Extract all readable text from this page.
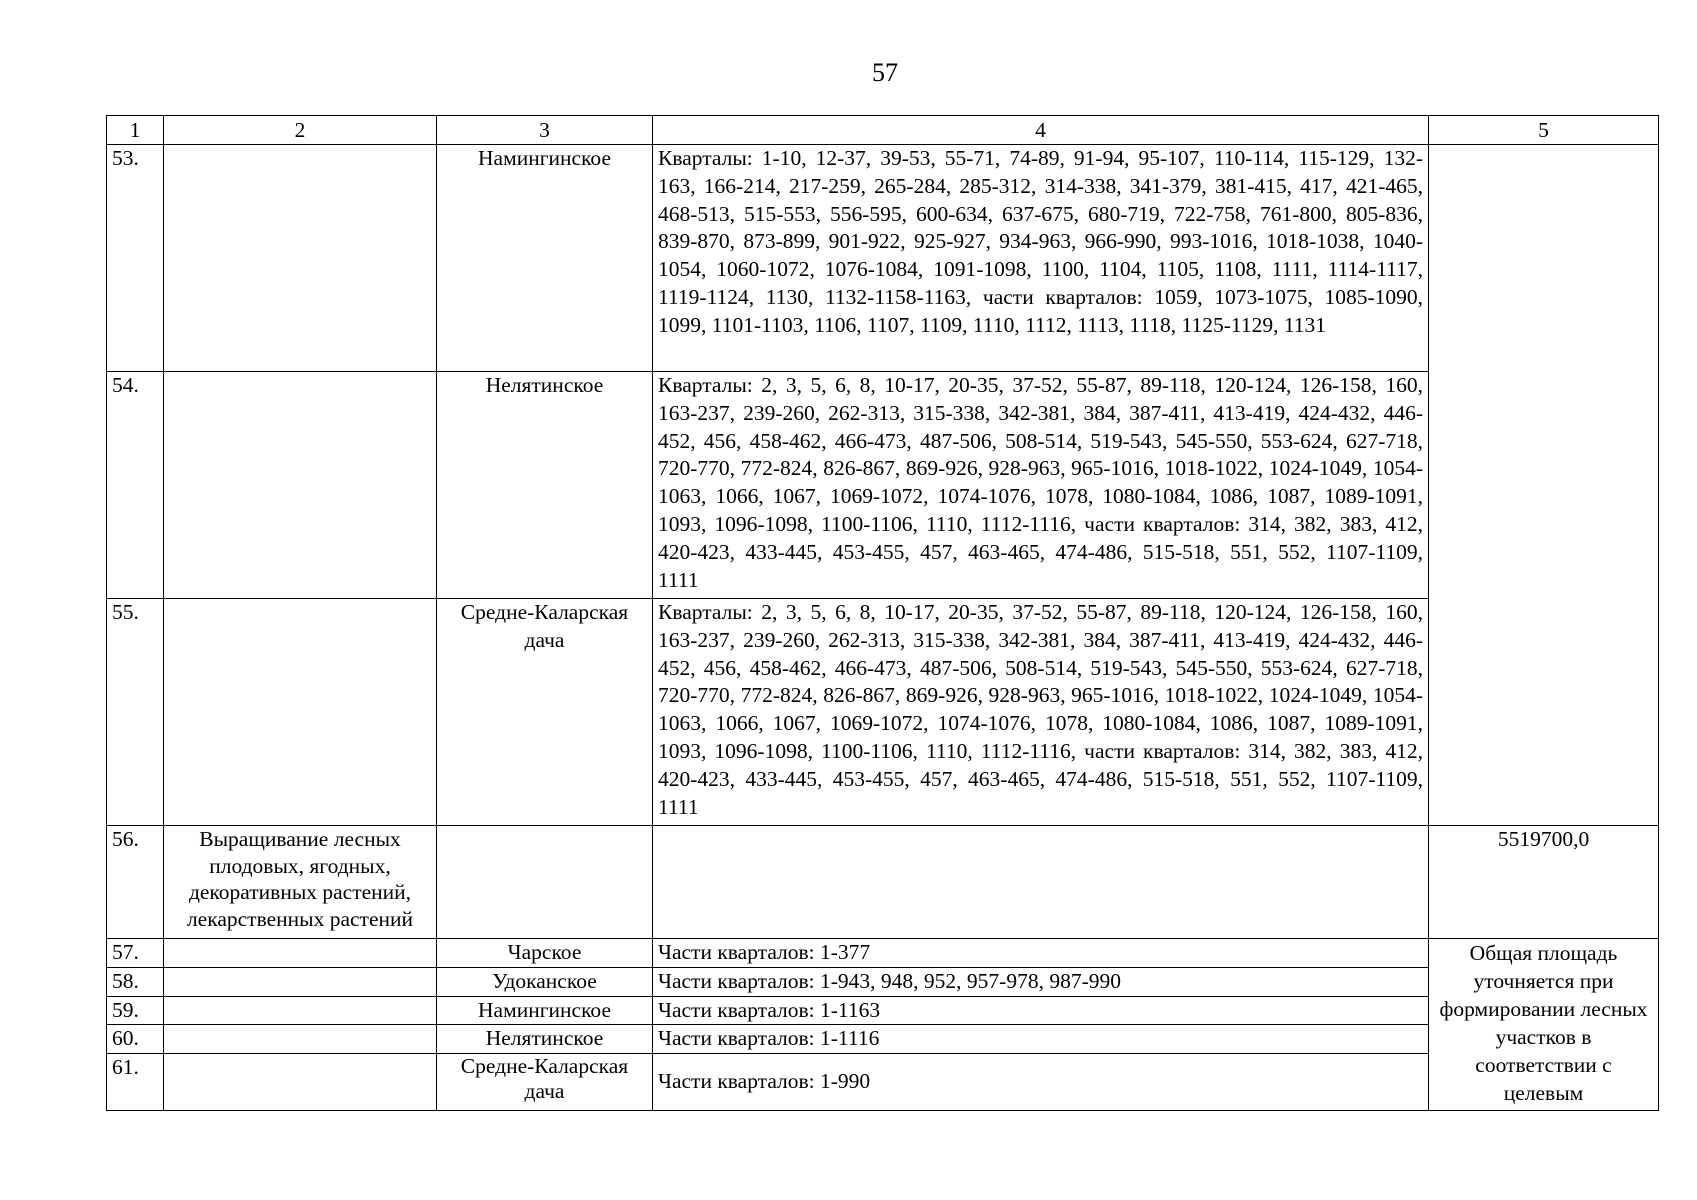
57
1	2	3	4	5
53.		Намингинское	Кварталы: 1-10, 12-37, 39-53, 55-71, 74-89, 91-94, 95-107, 110-114, 115-129, 132-163, 166-214, 217-259, 265-284, 285-312, 314-338, 341-379, 381-415, 417, 421-465, 468-513, 515-553, 556-595, 600-634, 637-675, 680-719, 722-758, 761-800, 805-836, 839-870, 873-899, 901-922, 925-927, 934-963, 966-990, 993-1016, 1018-1038, 1040-1054, 1060-1072, 1076-1084, 1091-1098, 1100, 1104, 1105, 1108, 1111, 1114-1117, 1119-1124, 1130, 1132-1158-1163, части кварталов: 1059, 1073-1075, 1085-1090, 1099, 1101-1103, 1106, 1107, 1109, 1110, 1112, 1113, 1118, 1125-1129, 1131	
54.		Нелятинское	Кварталы: 2, 3, 5, 6, 8, 10-17, 20-35, 37-52, 55-87, 89-118, 120-124, 126-158, 160, 163-237, 239-260, 262-313, 315-338, 342-381, 384, 387-411, 413-419, 424-432, 446-452, 456, 458-462, 466-473, 487-506, 508-514, 519-543, 545-550, 553-624, 627-718, 720-770, 772-824, 826-867, 869-926, 928-963, 965-1016, 1018-1022, 1024-1049, 1054-1063, 1066, 1067, 1069-1072, 1074-1076, 1078, 1080-1084, 1086, 1087, 1089-1091, 1093, 1096-1098, 1100-1106, 1110, 1112-1116, части кварталов: 314, 382, 383, 412, 420-423, 433-445, 453-455, 457, 463-465, 474-486, 515-518, 551, 552, 1107-1109, 1111	
55.		Средне-Каларская дача	Кварталы: 2, 3, 5, 6, 8, 10-17, 20-35, 37-52, 55-87, 89-118, 120-124, 126-158, 160, 163-237, 239-260, 262-313, 315-338, 342-381, 384, 387-411, 413-419, 424-432, 446-452, 456, 458-462, 466-473, 487-506, 508-514, 519-543, 545-550, 553-624, 627-718, 720-770, 772-824, 826-867, 869-926, 928-963, 965-1016, 1018-1022, 1024-1049, 1054-1063, 1066, 1067, 1069-1072, 1074-1076, 1078, 1080-1084, 1086, 1087, 1089-1091, 1093, 1096-1098, 1100-1106, 1110, 1112-1116, части кварталов: 314, 382, 383, 412, 420-423, 433-445, 453-455, 457, 463-465, 474-486, 515-518, 551, 552, 1107-1109, 1111	
56.	Выращивание лесных плодовых, ягодных, декоративных растений, лекарственных растений			5519700,0
57.		Чарское	Части кварталов: 1-377	Общая площадь уточняется при формировании лесных участков в соответствии с целевым
58.		Удоканское	Части кварталов: 1-943, 948, 952, 957-978, 987-990	
59.		Намингинское	Части кварталов: 1-1163	
60.		Нелятинское	Части кварталов: 1-1116	
61.		Средне-Каларская дача	Части кварталов: 1-990	
